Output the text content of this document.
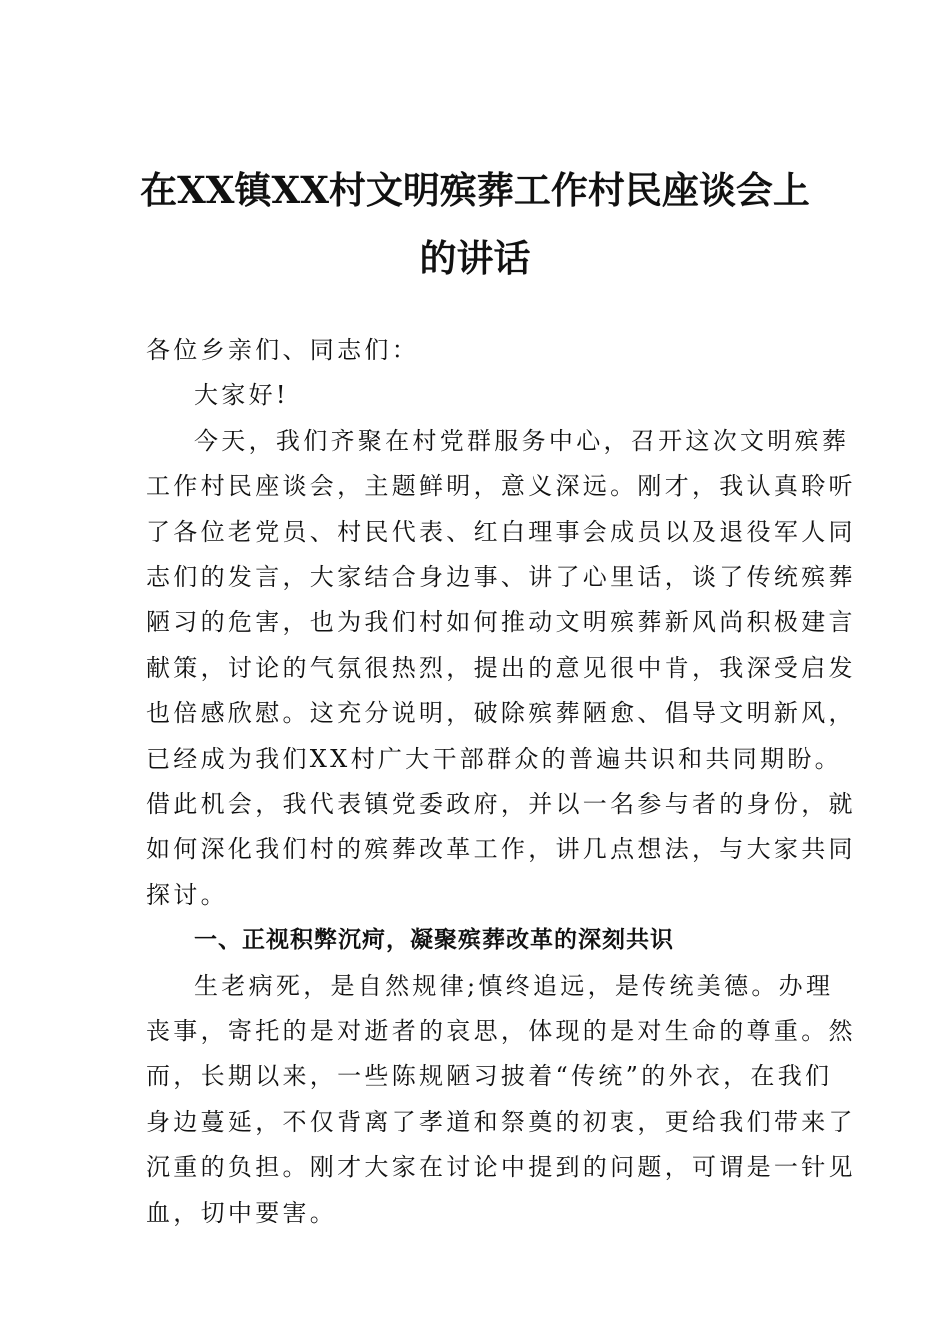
在XX镇XX村文明殡葬工作村民座谈会上
的讲话
各位乡亲们、同志们：
大家好!
今天，我们齐聚在村党群服务中心，召开这次文明殡葬
工作村民座谈会，主题鲜明，意义深远。刚才，我认真聆听
了各位老党员、村民代表、红白理事会成员以及退役军人同
志们的发言，大家结合身边事、讲了心里话，谈了传统殡葬
陋习的危害，也为我们村如何推动文明殡葬新风尚积极建言
献策，讨论的气氛很热烈，提出的意见很中肯，我深受启发
也倍感欣慰。这充分说明，破除殡葬陋愈、倡导文明新风，
已经成为我们XX村广大干部群众的普遍共识和共同期盼。
借此机会，我代表镇党委政府，并以一名参与者的身份，就
如何深化我们村的殡葬改革工作，讲几点想法，与大家共同
探讨。
一、正视积弊沉疴，凝聚殡葬改革的深刻共识
生老病死，是自然规律;慎终追远，是传统美德。办理
丧事，寄托的是对逝者的哀思，体现的是对生命的尊重。然
而，长期以来，一些陈规陋习披着“传统”的外衣，在我们
身边蔓延，不仅背离了孝道和祭奠的初衷，更给我们带来了
沉重的负担。刚才大家在讨论中提到的问题，可谓是一针见
血，切中要害。
